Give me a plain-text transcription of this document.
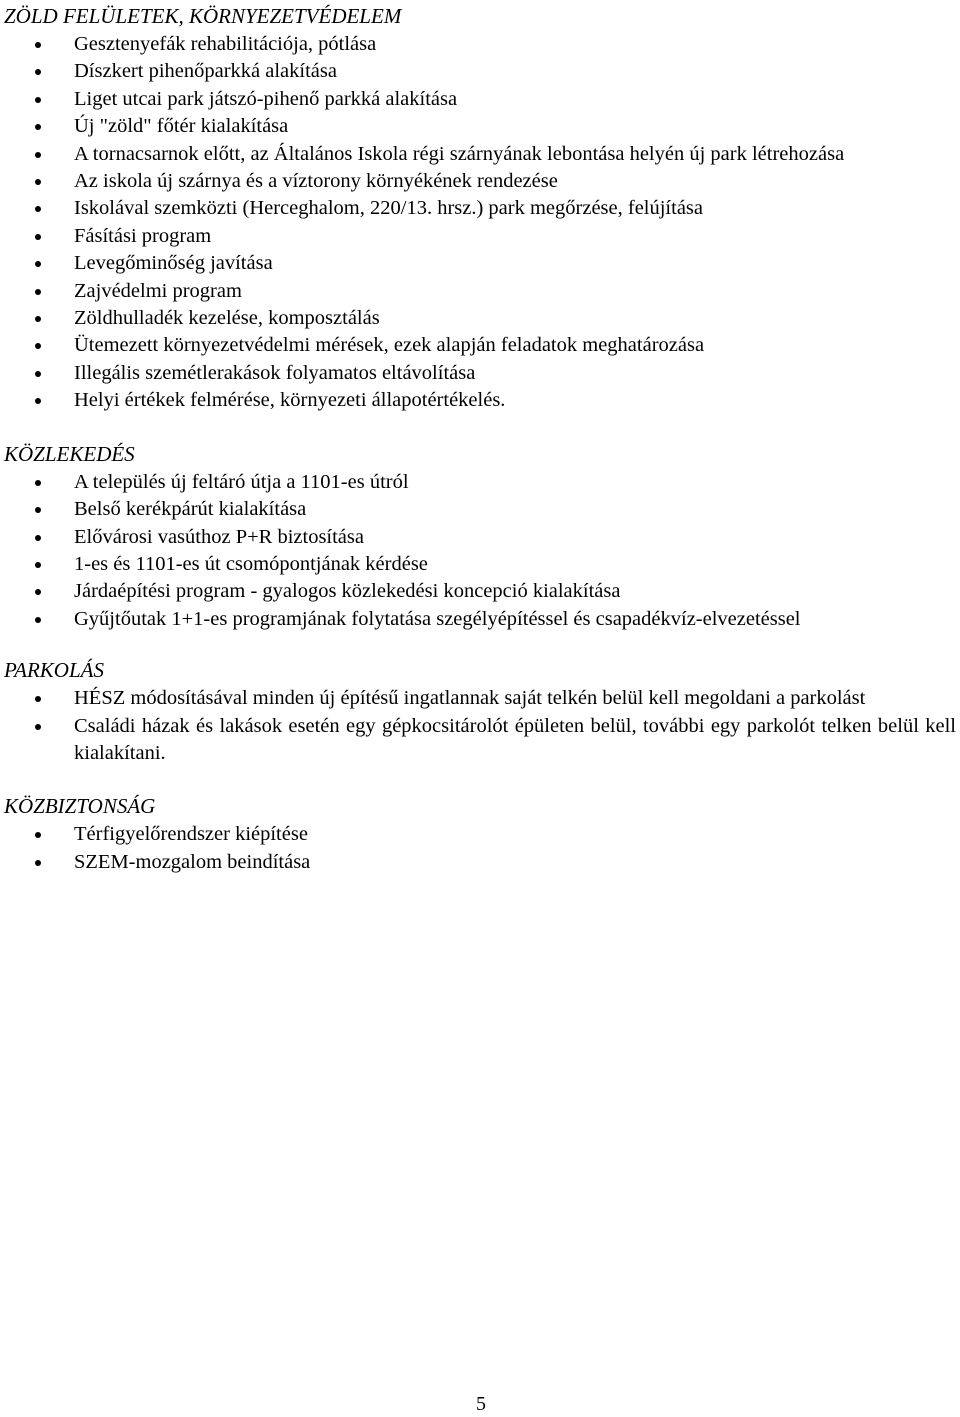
ZÖLD FELÜLETEK, KÖRNYEZETVÉDELEM
Gesztenyefák rehabilitációja, pótlása
Díszkert pihenőparkká alakítása
Liget utcai park játszó-pihenő parkká alakítása
Új "zöld" főtér kialakítása
A tornacsarnok előtt, az Általános Iskola régi szárnyának lebontása helyén új park létrehozása
Az iskola új szárnya és a víztorony környékének rendezése
Iskolával szemközti (Herceghalom, 220/13. hrsz.) park megőrzése, felújítása
Fásítási program
Levegőminőség javítása
Zajvédelmi program
Zöldhulladék kezelése, komposztálás
Ütemezett környezetvédelmi mérések, ezek alapján feladatok meghatározása
Illegális szemétlerakások folyamatos eltávolítása
Helyi értékek felmérése, környezeti állapotértékelés.
KÖZLEKEDÉS
A település új feltáró útja a 1101-es útról
Belső kerékpárút kialakítása
Elővárosi vasúthoz P+R biztosítása
1-es és 1101-es út csomópontjának kérdése
Járdaépítési program - gyalogos közlekedési koncepció kialakítása
Gyűjtőutak 1+1-es programjának folytatása szegélyépítéssel és csapadékvíz-elvezetéssel
PARKOLÁS
HÉSZ módosításával minden új építésű ingatlannak saját telkén belül kell megoldani a parkolást
Családi házak és lakások esetén egy gépkocsitárolót épületen belül, további egy parkolót telken belül kell kialakítani.
KÖZBIZTONSÁG
Térfigyelőrendszer kiépítése
SZEM-mozgalom beindítása
5
